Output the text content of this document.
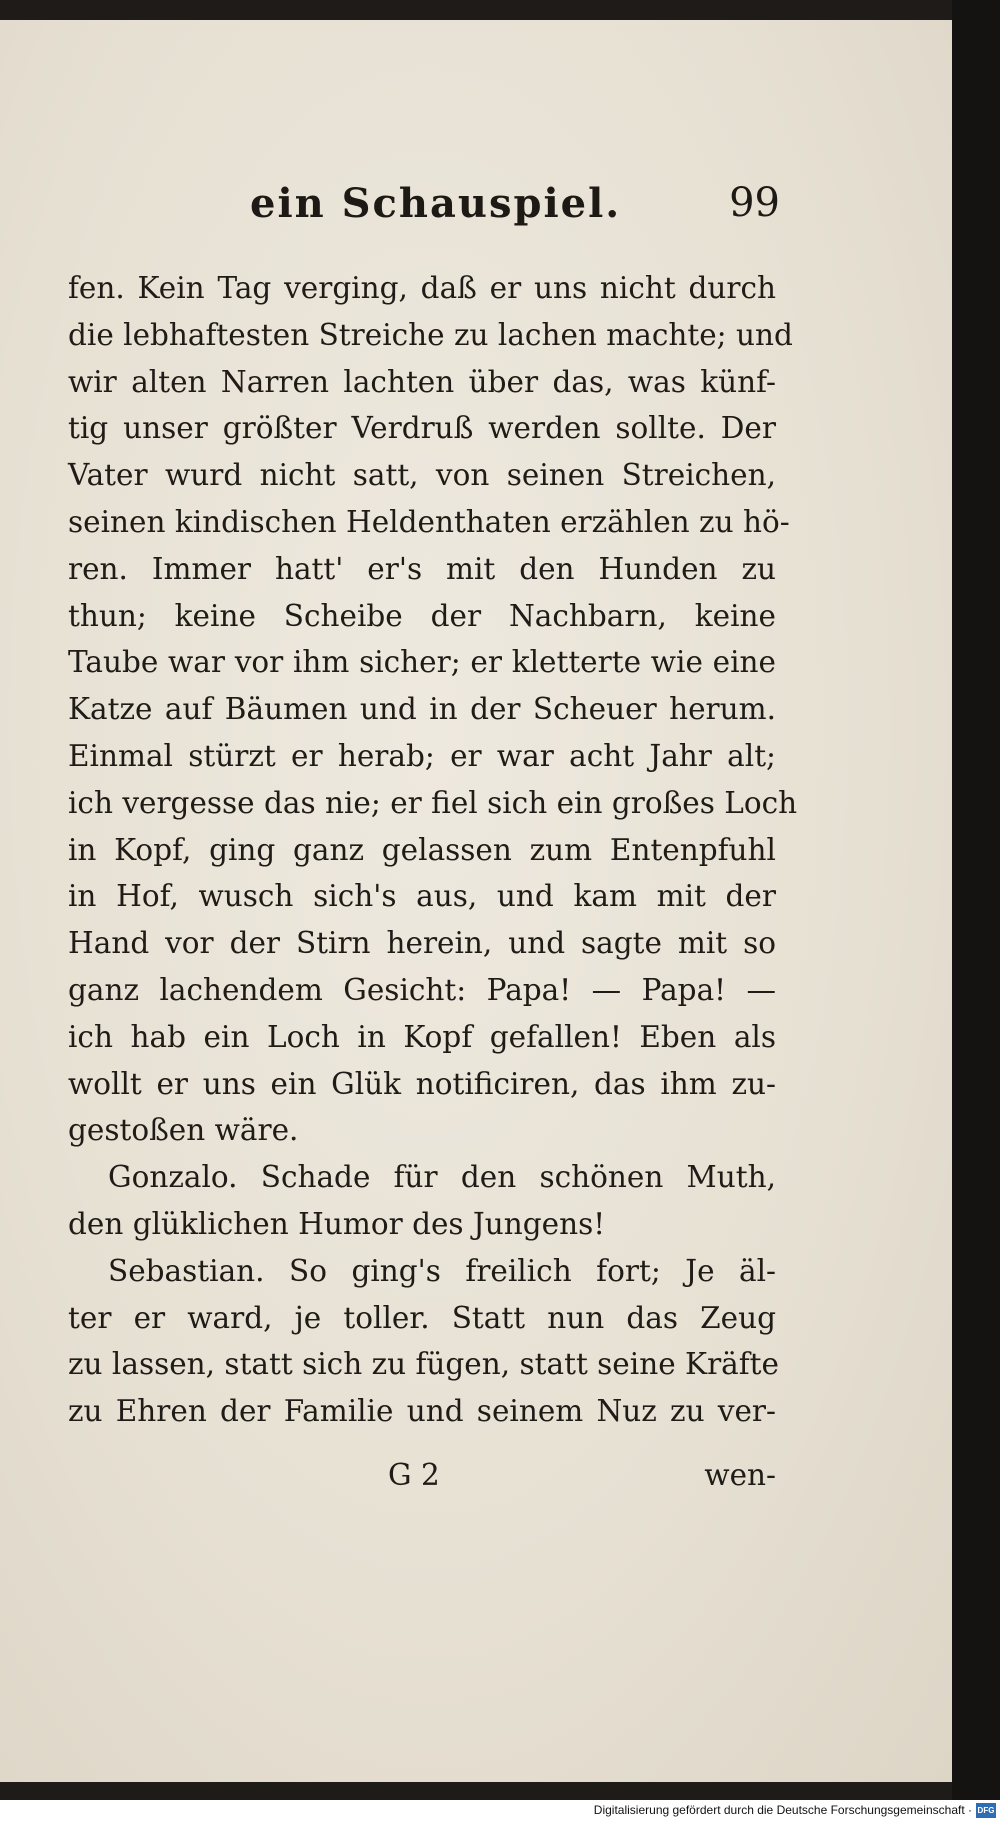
ein Schauspiel.	99
fen. Kein Tag verging, daß er uns nicht durch
die lebhaftesten Streiche zu lachen machte; und
wir alten Narren lachten über das, was künf-
tig unser größter Verdruß werden sollte. Der
Vater wurd nicht satt, von seinen Streichen,
seinen kindischen Heldenthaten erzählen zu hö-
ren. Immer hatt' er's mit den Hunden zu
thun; keine Scheibe der Nachbarn, keine
Taube war vor ihm sicher; er kletterte wie eine
Katze auf Bäumen und in der Scheuer herum.
Einmal stürzt er herab; er war acht Jahr alt;
ich vergesse das nie; er fiel sich ein großes Loch
in Kopf, ging ganz gelassen zum Entenpfuhl
in Hof, wusch sich's aus, und kam mit der
Hand vor der Stirn herein, und sagte mit so
ganz lachendem Gesicht: Papa! — Papa! —
ich hab ein Loch in Kopf gefallen! Eben als
wollt er uns ein Glük notificiren, das ihm zu-
gestoßen wäre.
Gonzalo. Schade für den schönen Muth,
den glüklichen Humor des Jungens!
Sebastian. So ging's freilich fort; Je äl-
ter er ward, je toller. Statt nun das Zeug
zu lassen, statt sich zu fügen, statt seine Kräfte
zu Ehren der Familie und seinem Nuz zu ver-
G 2	wen-
Digitalisierung gefördert durch die Deutsche Forschungsgemeinschaft · DFG
